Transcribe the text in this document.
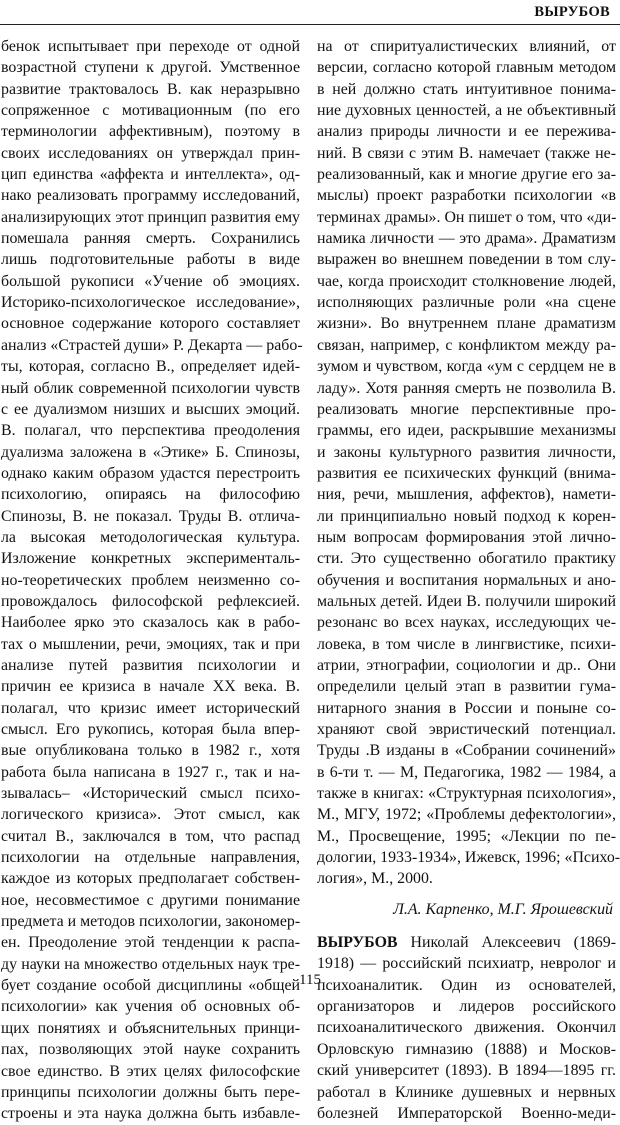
ВЫРУБОВ
бенок испытывает при переходе от одной
возрастной ступени к другой. Умственное
развитие трактовалось В. как неразрывно
сопряженное с мотивационным (по его
терминологии аффективным), поэтому в
своих исследованиях он утверждал прин-
цип единства «аффекта и интеллекта», од-
нако реализовать программу исследований,
анализирующих этот принцип развития ему
помешала ранняя смерть. Сохранились
лишь подготовительные работы в виде
большой рукописи «Учение об эмоциях.
Историко-психологическое исследование»,
основное содержание которого составляет
анализ «Страстей души» Р. Декарта — рабо-
ты, которая, согласно В., определяет идей-
ный облик современной психологии чувств
с ее дуализмом низших и высших эмоций.
В. полагал, что перспектива преодоления
дуализма заложена в «Этике» Б. Спинозы,
однако каким образом удастся перестроить
психологию, опираясь на философию
Спинозы, В. не показал. Труды В. отлича-
ла высокая методологическая культура.
Изложение конкретных эксперименталь-
но-теоретических проблем неизменно со-
провождалось философской рефлексией.
Наиболее ярко это сказалось как в рабо-
тах о мышлении, речи, эмоциях, так и при
анализе путей развития психологии и
причин ее кризиса в начале XX века. В.
полагал, что кризис имеет исторический
смысл. Его рукопись, которая была впер-
вые опубликована только в 1982 г., хотя
работа была написана в 1927 г., так и на-
зывалась– «Исторический смысл психо-
логического кризиса». Этот смысл, как
считал В., заключался в том, что распад
психологии на отдельные направления,
каждое из которых предполагает собствен-
ное, несовместимое с другими понимание
предмета и методов психологии, закономер-
ен. Преодоление этой тенденции к распа-
ду науки на множество отдельных наук тре-
бует создание особой дисциплины «общей
психологии» как учения об основных об-
щих понятиях и объяснительных принци-
пах, позволяющих этой науке сохранить
свое единство. В этих целях философские
принципы психологии должны быть пере-
строены и эта наука должна быть избавле-
на от спиритуалистических влияний, от
версии, согласно которой главным методом
в ней должно стать интуитивное понима-
ние духовных ценностей, а не объективный
анализ природы личности и ее пережива-
ний. В связи с этим В. намечает (также не-
реализованный, как и многие другие его за-
мыслы) проект разработки психологии «в
терминах драмы». Он пишет о том, что «ди-
намика личности — это драма». Драматизм
выражен во внешнем поведении в том слу-
чае, когда происходит столкновение людей,
исполняющих различные роли «на сцене
жизни». Во внутреннем плане драматизм
связан, например, с конфликтом между ра-
зумом и чувством, когда «ум с сердцем не в
ладу». Хотя ранняя смерть не позволила В.
реализовать многие перспективные про-
граммы, его идеи, раскрывшие механизмы
и законы культурного развития личности,
развития ее психических функций (внима-
ния, речи, мышления, аффектов), намети-
ли принципиально новый подход к корен-
ным вопросам формирования этой лично-
сти. Это существенно обогатило практику
обучения и воспитания нормальных и ано-
мальных детей. Идеи В. получили широкий
резонанс во всех науках, исследующих че-
ловека, в том числе в лингвистике, психи-
атрии, этнографии, социологии и др.. Они
определили целый этап в развитии гума-
нитарного знания в России и поныне со-
храняют свой эвристический потенциал.
Труды .В изданы в «Собрании сочинений»
в 6-ти т. — М, Педагогика, 1982 — 1984, а
также в книгах: «Структурная психология»,
М., МГУ, 1972; «Проблемы дефектологии»,
М., Просвещение, 1995; «Лекции по пе-
дологии, 1933-1934», Ижевск, 1996; «Психо-
логия», М., 2000.
Л.А. Карпенко, М.Г. Ярошевский
ВЫРУБОВ Николай Алексеевич (1869-
1918) — российский психиатр, невролог и
психоаналитик. Один из основателей,
организаторов и лидеров российского
психоаналитического движения. Окончил
Орловскую гимназию (1888) и Москов-
ский университет (1893). В 1894—1895 гг.
работал в Клинике душевных и нервных
болезней Императорской Военно-меди-
115
